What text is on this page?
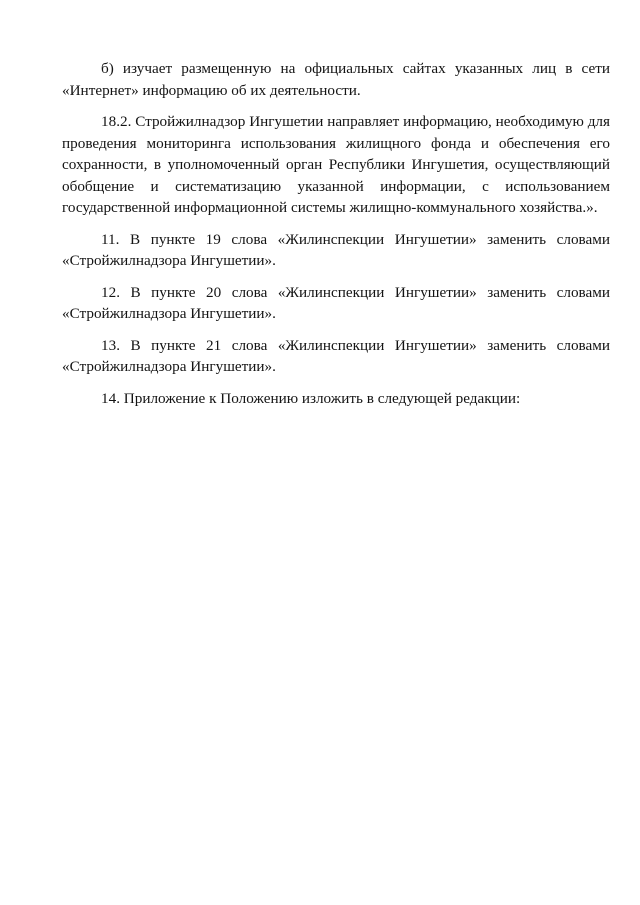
б) изучает размещенную на официальных сайтах указанных лиц в сети «Интернет» информацию об их деятельности.

18.2. Стройжилнадзор Ингушетии направляет информацию, необходимую для проведения мониторинга использования жилищного фонда и обеспечения его сохранности, в уполномоченный орган Республики Ингушетия, осуществляющий обобщение и систематизацию указанной информации, с использованием государственной информационной системы жилищно-коммунального хозяйства.».

11. В пункте 19 слова «Жилинспекции Ингушетии» заменить словами «Стройжилнадзора Ингушетии».

12. В пункте 20 слова «Жилинспекции Ингушетии» заменить словами «Стройжилнадзора Ингушетии».

13. В пункте 21 слова «Жилинспекции Ингушетии» заменить словами «Стройжилнадзора Ингушетии».

14. Приложение к Положению изложить в следующей редакции:
